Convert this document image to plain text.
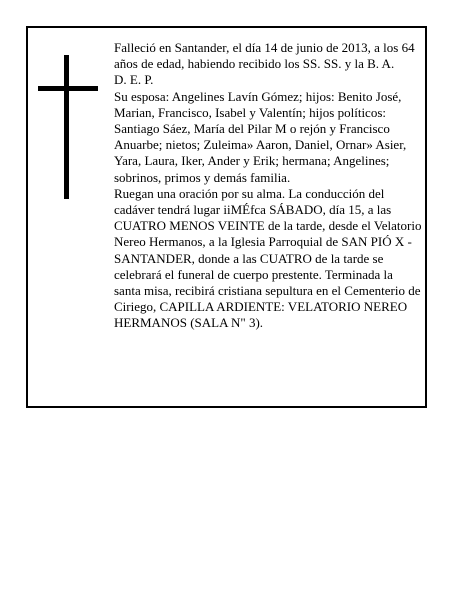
Falleció en Santander, el día 14 de junio de 2013, a los 64 años de edad, habiendo recibido los SS. SS. y la B. A.

D. E. P.

Su esposa: Angelines Lavín Gómez; hijos: Benito José, Marian, Francisco, Isabel y Valentín; hijos políticos: Santiago Sáez, María del Pilar M o rejón y Francisco Anuarbe; nietos; Zuleima» Aaron, Daniel, Ornar» Asier, Yara, Laura, Iker, Ander y Erik; hermana; Angelines; sobrinos, primos y demás familia.

Ruegan una oración por su alma. La conducción del cadáver tendrá lugar iiMÉfca SÁBADO, día 15, a las CUATRO MENOS VEINTE de la tarde, desde el Velatorio Nereo Hermanos, a la Iglesia Parroquial de SAN PIÓ X - SANTANDER, donde a las CUATRO de la tarde se celebrará el funeral de cuerpo prestente. Terminada la santa misa, recibirá cristiana sepultura en el Cementerio de Ciriego, CAPILLA ARDIENTE: VELATORIO NEREO HERMANOS (SALA N" 3).
